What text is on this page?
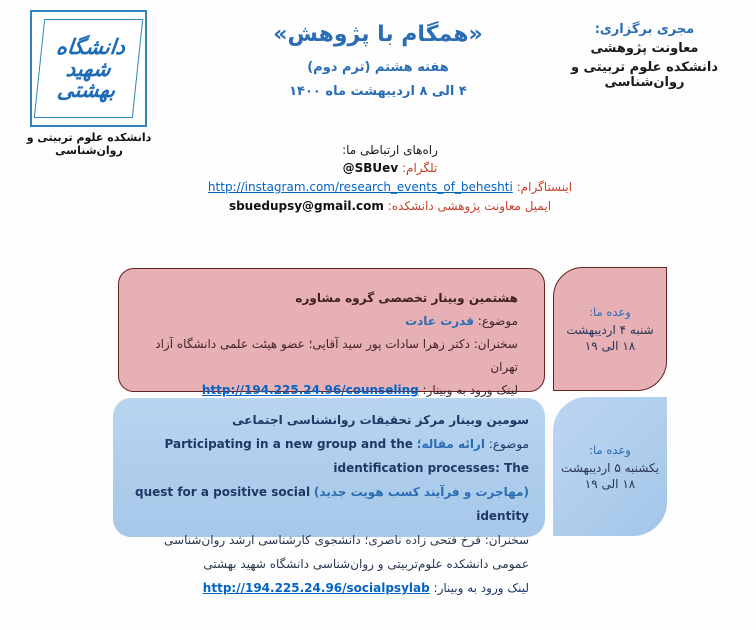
دانشگاه
شهید
بهشتی
دانشکده علوم تربیتی و روان‌شناسی
«همگام با پژوهش»
هفته هشتم (ترم دوم)
۴ الی ۸ اردیبهشت ماه ۱۴۰۰
مجری برگزاری:
معاونت پژوهشی
دانشکده علوم تربیتی و روان‌شناسی
راه‌های ارتباطی ما:
تلگرام: @SBUev
اینستاگرام: http://instagram.com/research_events_of_beheshti
ایمیل معاونت پژوهشی دانشکده: sbuedupsy@gmail.com
هشتمین وبینار تخصصی گروه مشاوره
موضوع: قدرت عادت
سخنران: دکتر زهرا سادات پور سید آقایی؛ عضو هیئت علمی دانشگاه آزاد تهران
لینک ورود به وبینار: http://194.225.24.96/counseling
وعده ما:
شنبه ۴ اردیبهشت
۱۸ الی ۱۹
سومین وبینار مرکز تحقیقات روانشناسی اجتماعی
موضوع: ارائه مقاله؛ Participating in a new group and the identification processes: The
(مهاجرت و فرآیند کسب هویت جدید) quest for a positive social identity
سخنران: فرخ فتحی زاده ناصری؛ دانشجوی کارشناسی ارشد روان‌شناسی عمومی دانشکده علوم‌تربیتی و روان‌شناسی دانشگاه شهید بهشتی
لینک ورود به وبینار: http://194.225.24.96/socialpsylab
وعده ما:
یکشنبه ۵ اردیبهشت
۱۸ الی ۱۹
